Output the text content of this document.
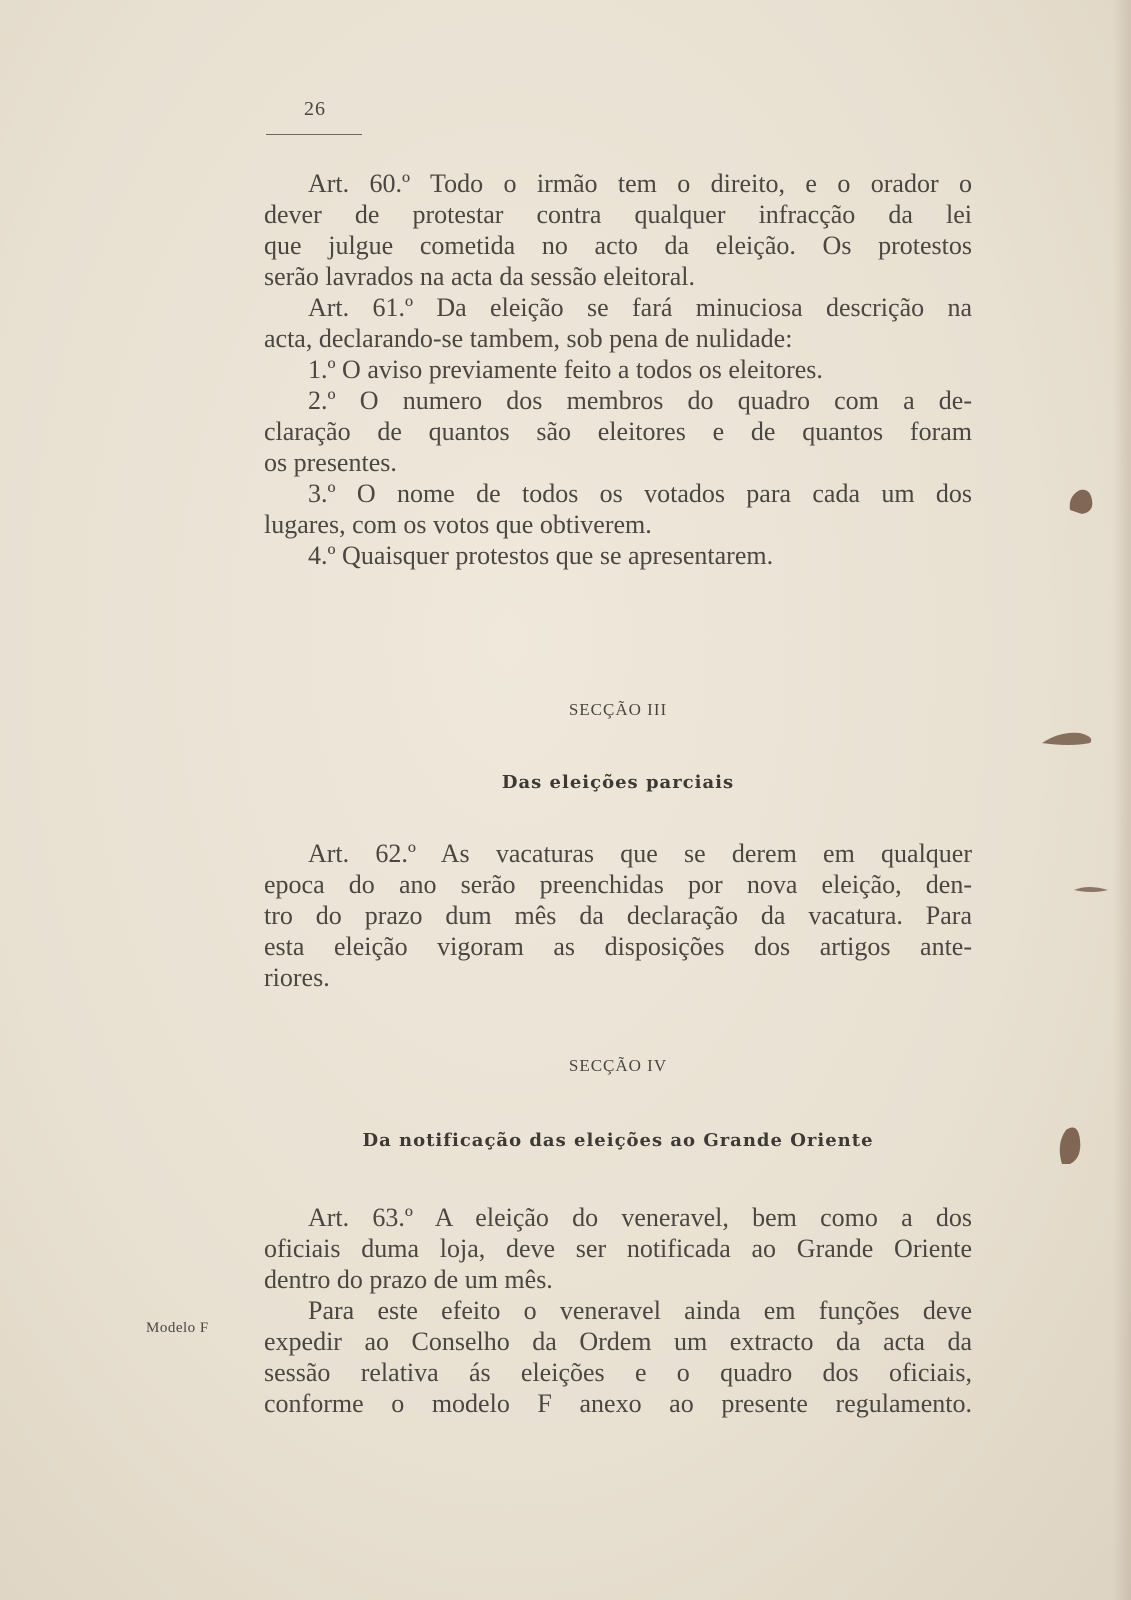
26
Art. 60.º Todo o irmão tem o direito, e o orador o
dever de protestar contra qualquer infracção da lei
que julgue cometida no acto da eleição. Os protestos
serão lavrados na acta da sessão eleitoral.
Art. 61.º Da eleição se fará minuciosa descrição na
acta, declarando-se tambem, sob pena de nulidade:
1.º O aviso previamente feito a todos os eleitores.
2.º O numero dos membros do quadro com a de-
claração de quantos são eleitores e de quantos foram
os presentes.
3.º O nome de todos os votados para cada um dos
lugares, com os votos que obtiverem.
4.º Quaisquer protestos que se apresentarem.
SECÇÃO III
Das eleições parciais
Art. 62.º As vacaturas que se derem em qualquer
epoca do ano serão preenchidas por nova eleição, den-
tro do prazo dum mês da declaração da vacatura. Para
esta eleição vigoram as disposições dos artigos ante-
riores.
SECÇÃO IV
Da notificação das eleições ao Grande Oriente
Art. 63.º A eleição do veneravel, bem como a dos
oficiais duma loja, deve ser notificada ao Grande Oriente
dentro do prazo de um mês.
Para este efeito o veneravel ainda em funções deve
expedir ao Conselho da Ordem um extracto da acta da
sessão relativa ás eleições e o quadro dos oficiais,
conforme o modelo F anexo ao presente regulamento.
Modelo F
